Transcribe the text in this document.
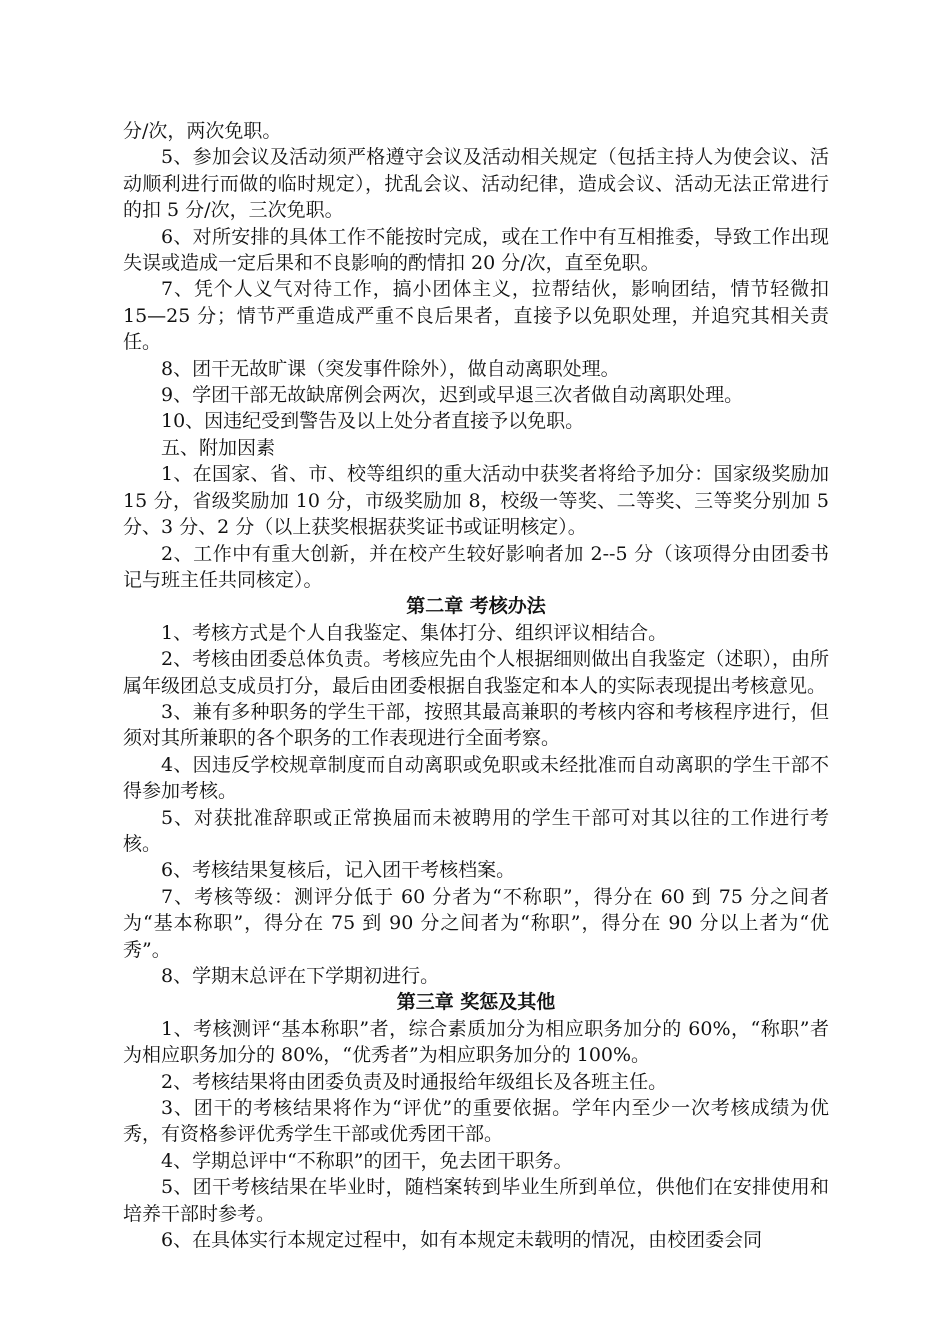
分/次，两次免职。

5、参加会议及活动须严格遵守会议及活动相关规定（包括主持人为使会议、活动顺利进行而做的临时规定），扰乱会议、活动纪律，造成会议、活动无法正常进行的扣 5 分/次，三次免职。

6、对所安排的具体工作不能按时完成，或在工作中有互相推委，导致工作出现失误或造成一定后果和不良影响的酌情扣 20 分/次，直至免职。

7、凭个人义气对待工作，搞小团体主义，拉帮结伙，影响团结，情节轻微扣 15—25 分；情节严重造成严重不良后果者，直接予以免职处理，并追究其相关责任。

8、团干无故旷课（突发事件除外），做自动离职处理。

9、学团干部无故缺席例会两次，迟到或早退三次者做自动离职处理。

10、因违纪受到警告及以上处分者直接予以免职。

五、附加因素

1、在国家、省、市、校等组织的重大活动中获奖者将给予加分：国家级奖励加 15 分，省级奖励加 10 分，市级奖励加 8，校级一等奖、二等奖、三等奖分别加 5 分、3 分、2 分（以上获奖根据获奖证书或证明核定）。

2、工作中有重大创新，并在校产生较好影响者加 2--5 分（该项得分由团委书记与班主任共同核定）。

第二章 考核办法

1、考核方式是个人自我鉴定、集体打分、组织评议相结合。

2、考核由团委总体负责。考核应先由个人根据细则做出自我鉴定（述职），由所属年级团总支成员打分，最后由团委根据自我鉴定和本人的实际表现提出考核意见。

3、兼有多种职务的学生干部，按照其最高兼职的考核内容和考核程序进行，但须对其所兼职的各个职务的工作表现进行全面考察。

4、因违反学校规章制度而自动离职或免职或未经批准而自动离职的学生干部不得参加考核。

5、对获批准辞职或正常换届而未被聘用的学生干部可对其以往的工作进行考核。

6、考核结果复核后，记入团干考核档案。

7、考核等级：测评分低于 60 分者为“不称职”，得分在 60 到 75 分之间者为“基本称职”，得分在 75 到 90 分之间者为“称职”，得分在 90 分以上者为“优秀”。

8、学期末总评在下学期初进行。

第三章 奖惩及其他

1、考核测评“基本称职”者，综合素质加分为相应职务加分的 60%，“称职”者为相应职务加分的 80%，“优秀者”为相应职务加分的 100%。

2、考核结果将由团委负责及时通报给年级组长及各班主任。

3、团干的考核结果将作为“评优”的重要依据。学年内至少一次考核成绩为优秀，有资格参评优秀学生干部或优秀团干部。

4、学期总评中“不称职”的团干，免去团干职务。

5、团干考核结果在毕业时，随档案转到毕业生所到单位，供他们在安排使用和培养干部时参考。

6、在具体实行本规定过程中，如有本规定未载明的情况，由校团委会同
